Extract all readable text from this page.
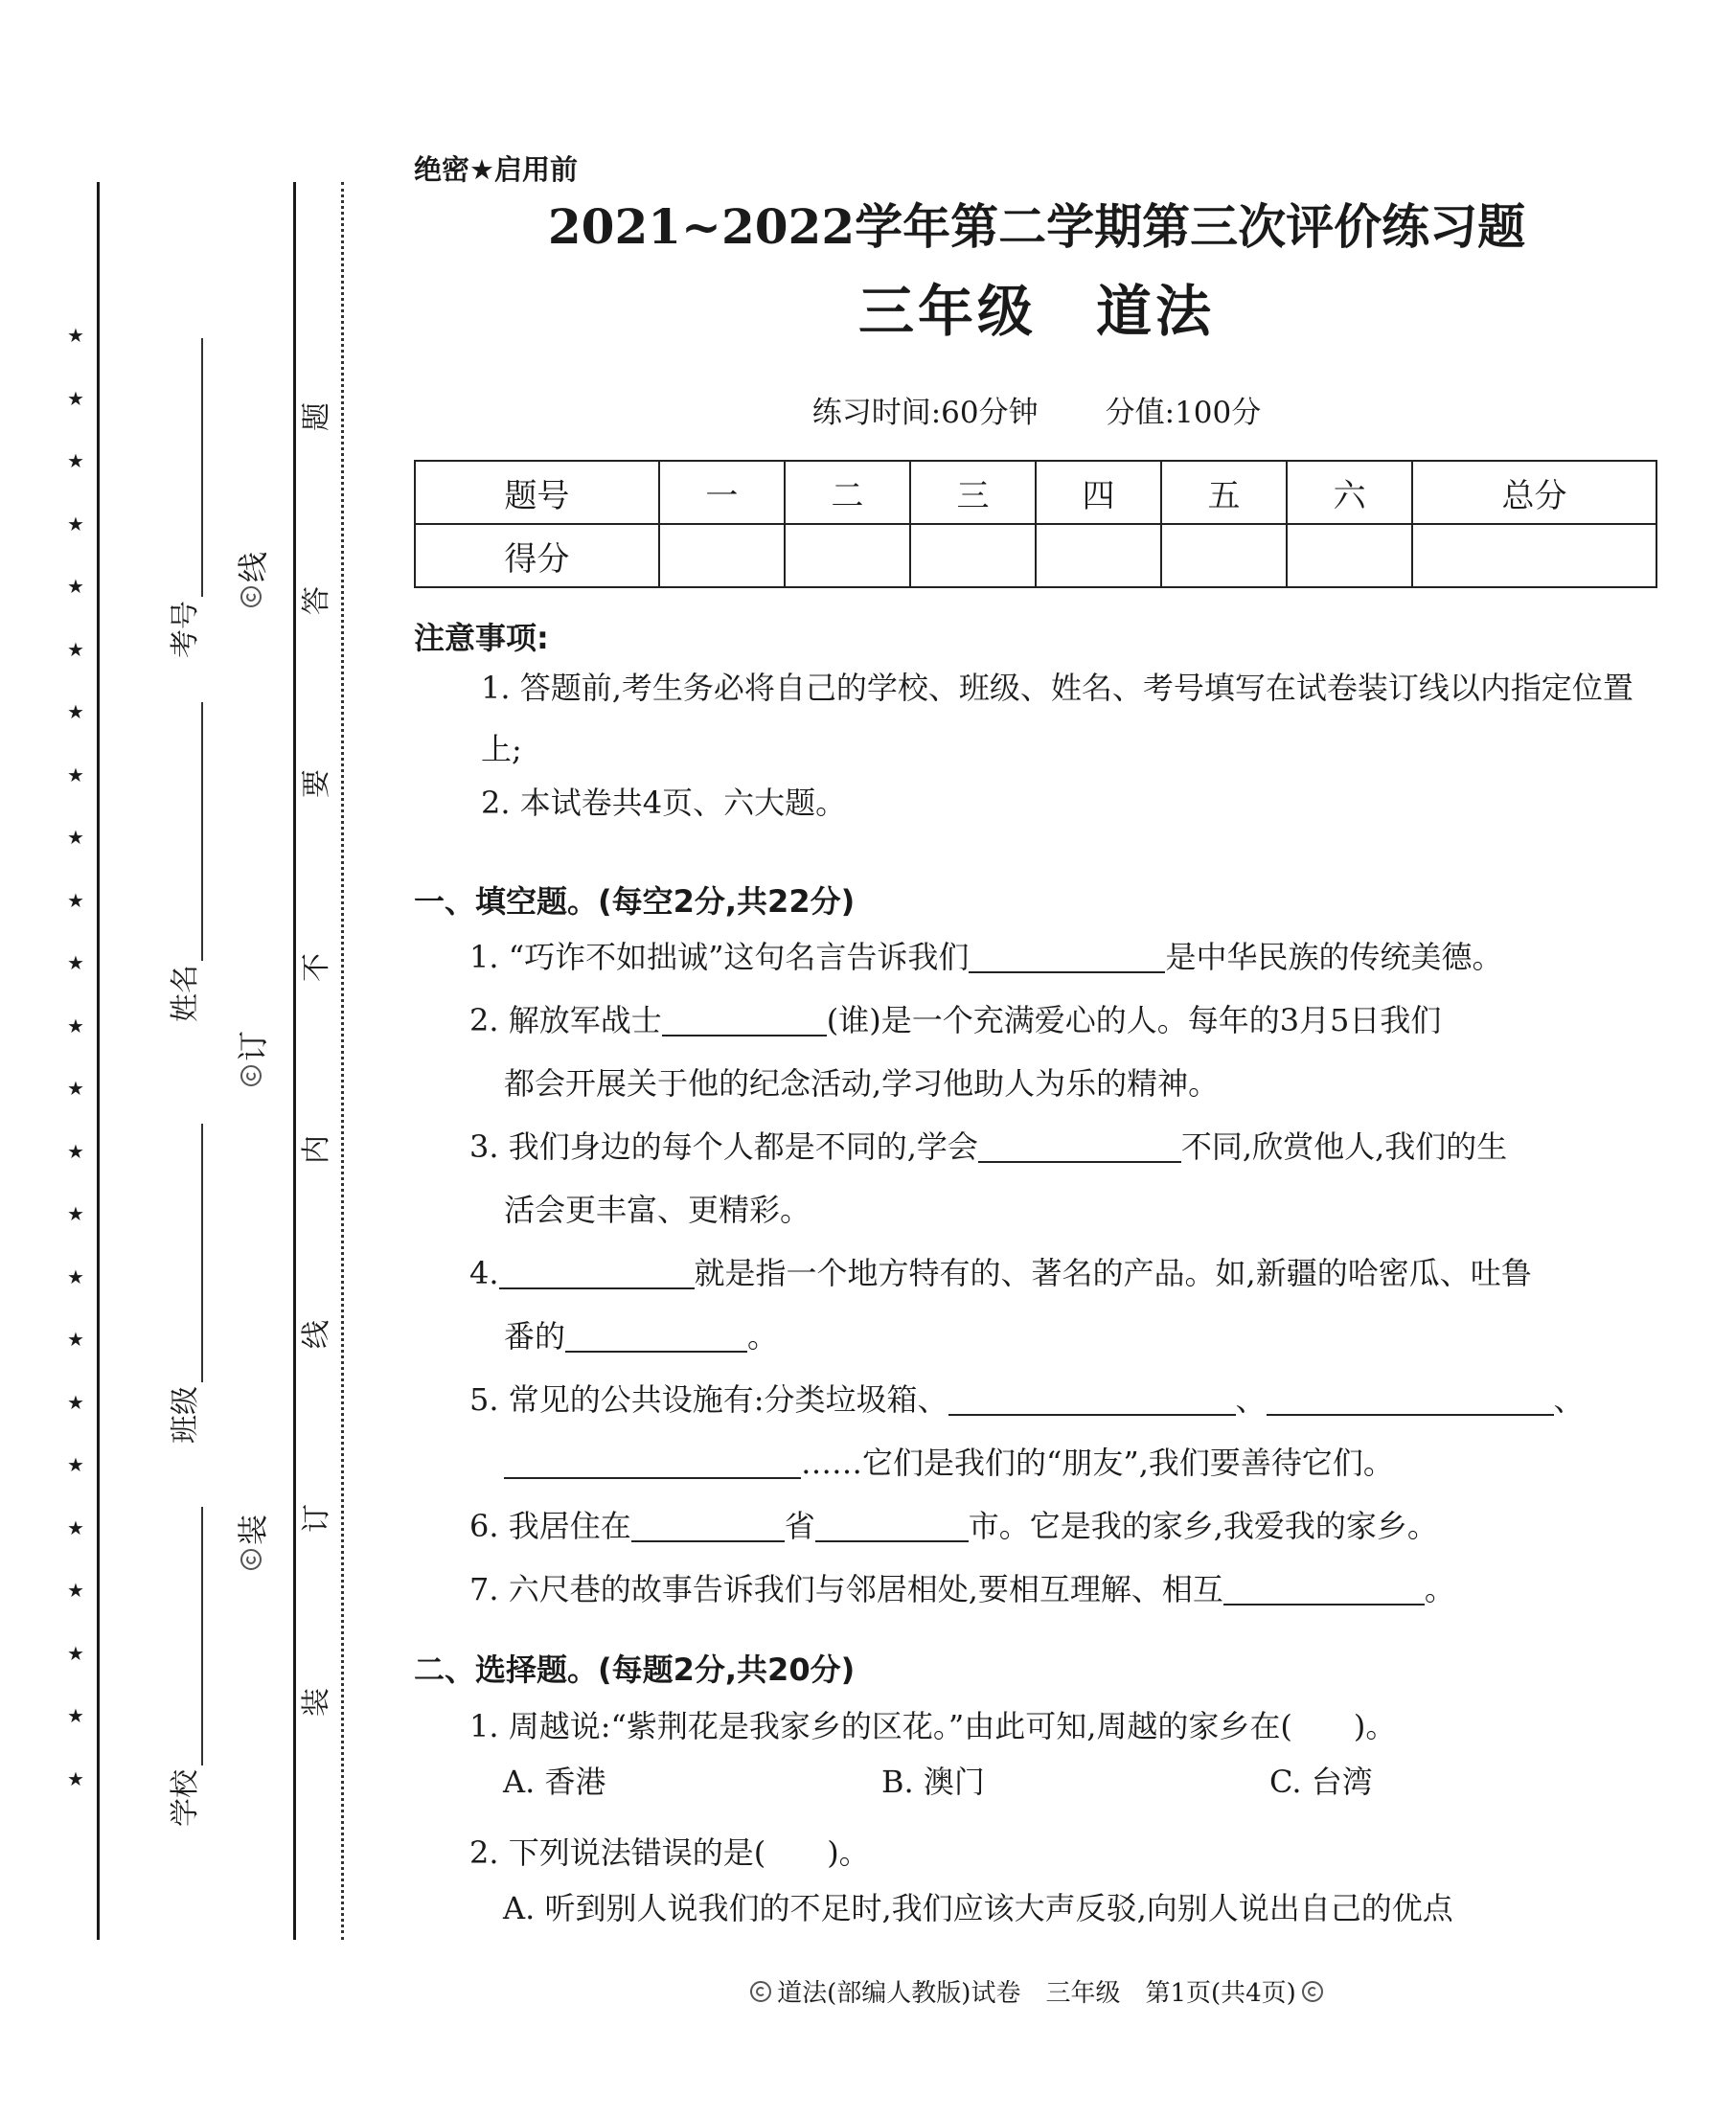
★
★
★
★
★
★
★
★
★
★
★
★
★
★
★
★
★
★
★
★
★
★
★
★
考号
姓名
班级
学校
线
订
装
题
答
要
不
内
线
订
装
绝密★启用前
2021~2022学年第二学期第三次评价练习题
三年级　道法
练习时间:60分钟 分值:100分
题号	一	二	三	四	五	六	总分
得分							
注意事项:
1. 答题前,考生务必将自己的学校、班级、姓名、考号填写在试卷装订线以内指定位置上;
2. 本试卷共4页、六大题。
一、填空题。(每空2分,共22分)
1. “巧诈不如拙诚”这句名言告诉我们	是中华民族的传统美德。
2. 解放军战士	(谁)是一个充满爱心的人。每年的3月5日我们
都会开展关于他的纪念活动,学习他助人为乐的精神。
3. 我们身边的每个人都是不同的,学会	不同,欣赏他人,我们的生
活会更丰富、更精彩。
4.	就是指一个地方特有的、著名的产品。如,新疆的哈密瓜、吐鲁
番的	。
5. 常见的公共设施有:分类垃圾箱、	、	、
……它们是我们的“朋友”,我们要善待它们。
6. 我居住在	省	市。它是我的家乡,我爱我的家乡。
7. 六尺巷的故事告诉我们与邻居相处,要相互理解、相互	。
二、选择题。(每题2分,共20分)
1. 周越说:“紫荆花是我家乡的区花。”由此可知,周越的家乡在(　　)。
A. 香港	B. 澳门	C. 台湾
2. 下列说法错误的是(　　)。
A. 听到别人说我们的不足时,我们应该大声反驳,向别人说出自己的优点
道法(部编人教版)试卷　三年级　第1页(共4页)
